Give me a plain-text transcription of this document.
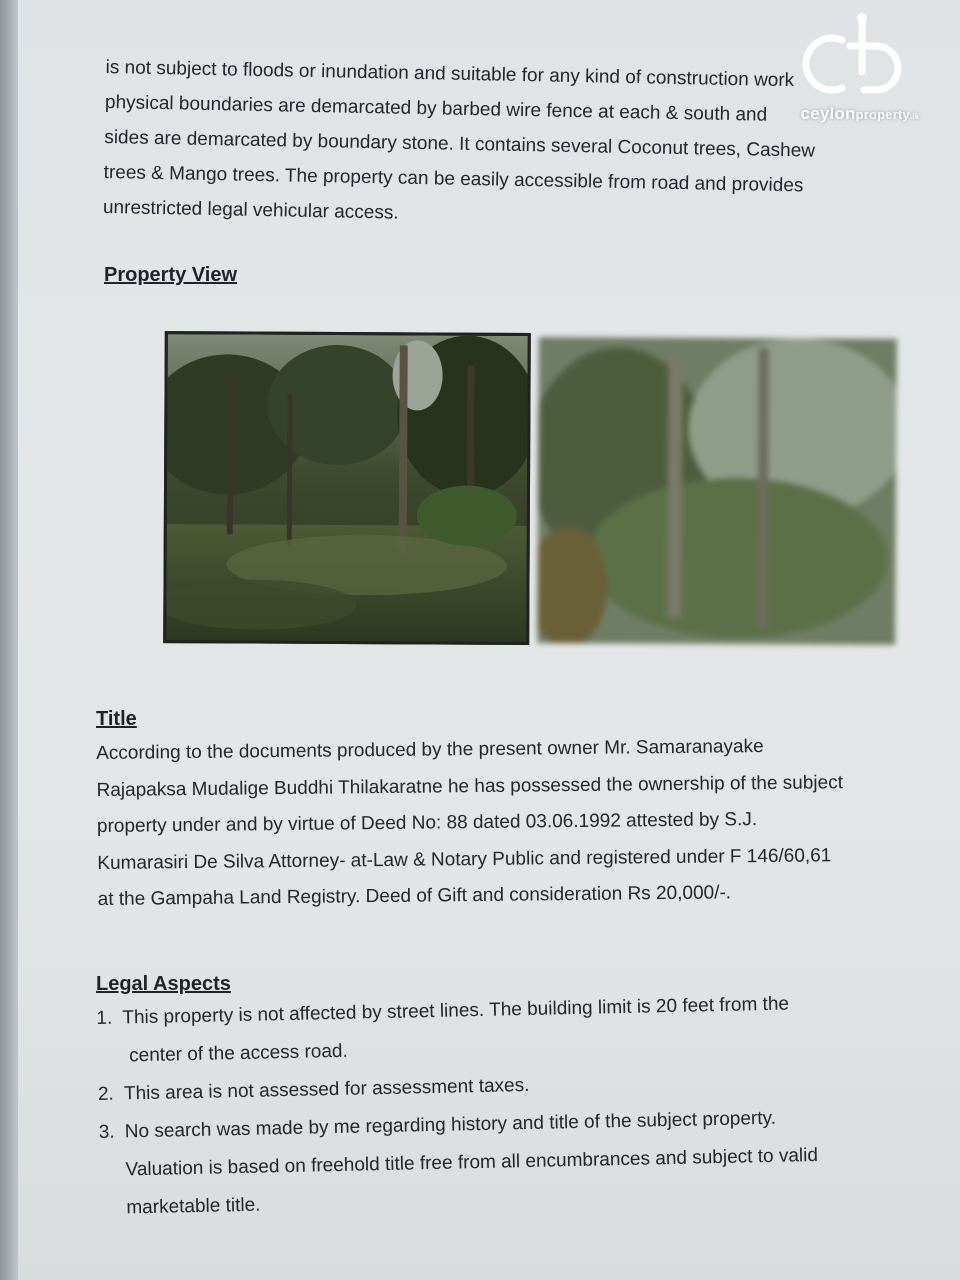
is not subject to floods or inundation and suitable for any kind of construction work
physical boundaries are demarcated by barbed wire fence at each & south and
sides are demarcated by boundary stone. It contains several Coconut trees, Cashew
trees & Mango trees. The property can be easily accessible from road and provides
unrestricted legal vehicular access.
Property View
Title
According to the documents produced by the present owner Mr. Samaranayake
Rajapaksa Mudalige Buddhi Thilakaratne he has possessed the ownership of the subject
property under and by virtue of Deed No: 88 dated 03.06.1992 attested by S.J.
Kumarasiri De Silva Attorney- at-Law & Notary Public and registered under F 146/60,61
at the Gampaha Land Registry. Deed of Gift and consideration Rs 20,000/-.
Legal Aspects
1. This property is not affected by street lines. The building limit is 20 feet from the
center of the access road.
2. This area is not assessed for assessment taxes.
3. No search was made by me regarding history and title of the subject property.
Valuation is based on freehold title free from all encumbrances and subject to valid
marketable title.
ceylonproperty.lk
